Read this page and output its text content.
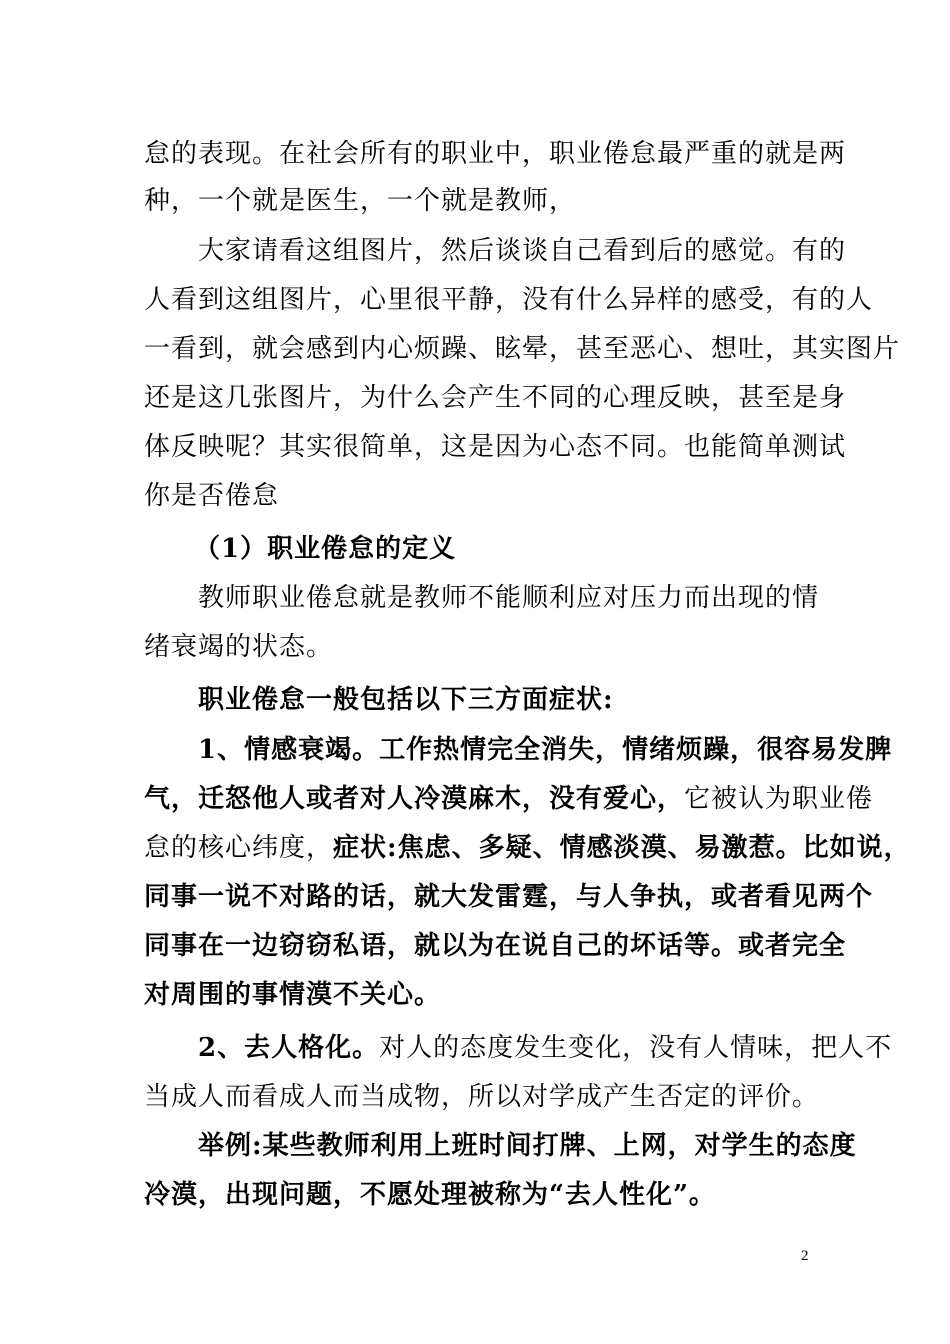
怠的表现。在社会所有的职业中，职业倦怠最严重的就是两
种，一个就是医生，一个就是教师，
大家请看这组图片，然后谈谈自己看到后的感觉。有的
人看到这组图片，心里很平静，没有什么异样的感受，有的人
一看到，就会感到内心烦躁、眩晕，甚至恶心、想吐，其实图片
还是这几张图片，为什么会产生不同的心理反映，甚至是身
体反映呢？其实很简单，这是因为心态不同。也能简单测试
你是否倦怠
（1）职业倦怠的定义
教师职业倦怠就是教师不能顺利应对压力而出现的情
绪衰竭的状态。
职业倦怠一般包括以下三方面症状:
1、情感衰竭。工作热情完全消失，情绪烦躁，很容易发脾
气，迁怒他人或者对人冷漠麻木，没有爱心，它被认为职业倦
怠的核心纬度，症状:焦虑、多疑、情感淡漠、易激惹。比如说，
同事一说不对路的话，就大发雷霆，与人争执，或者看见两个
同事在一边窃窃私语，就以为在说自己的坏话等。或者完全
对周围的事情漠不关心。
2、去人格化。对人的态度发生变化，没有人情味，把人不
当成人而看成人而当成物，所以对学成产生否定的评价。
举例:某些教师利用上班时间打牌、上网，对学生的态度
冷漠，出现问题，不愿处理被称为“去人性化”。
2
